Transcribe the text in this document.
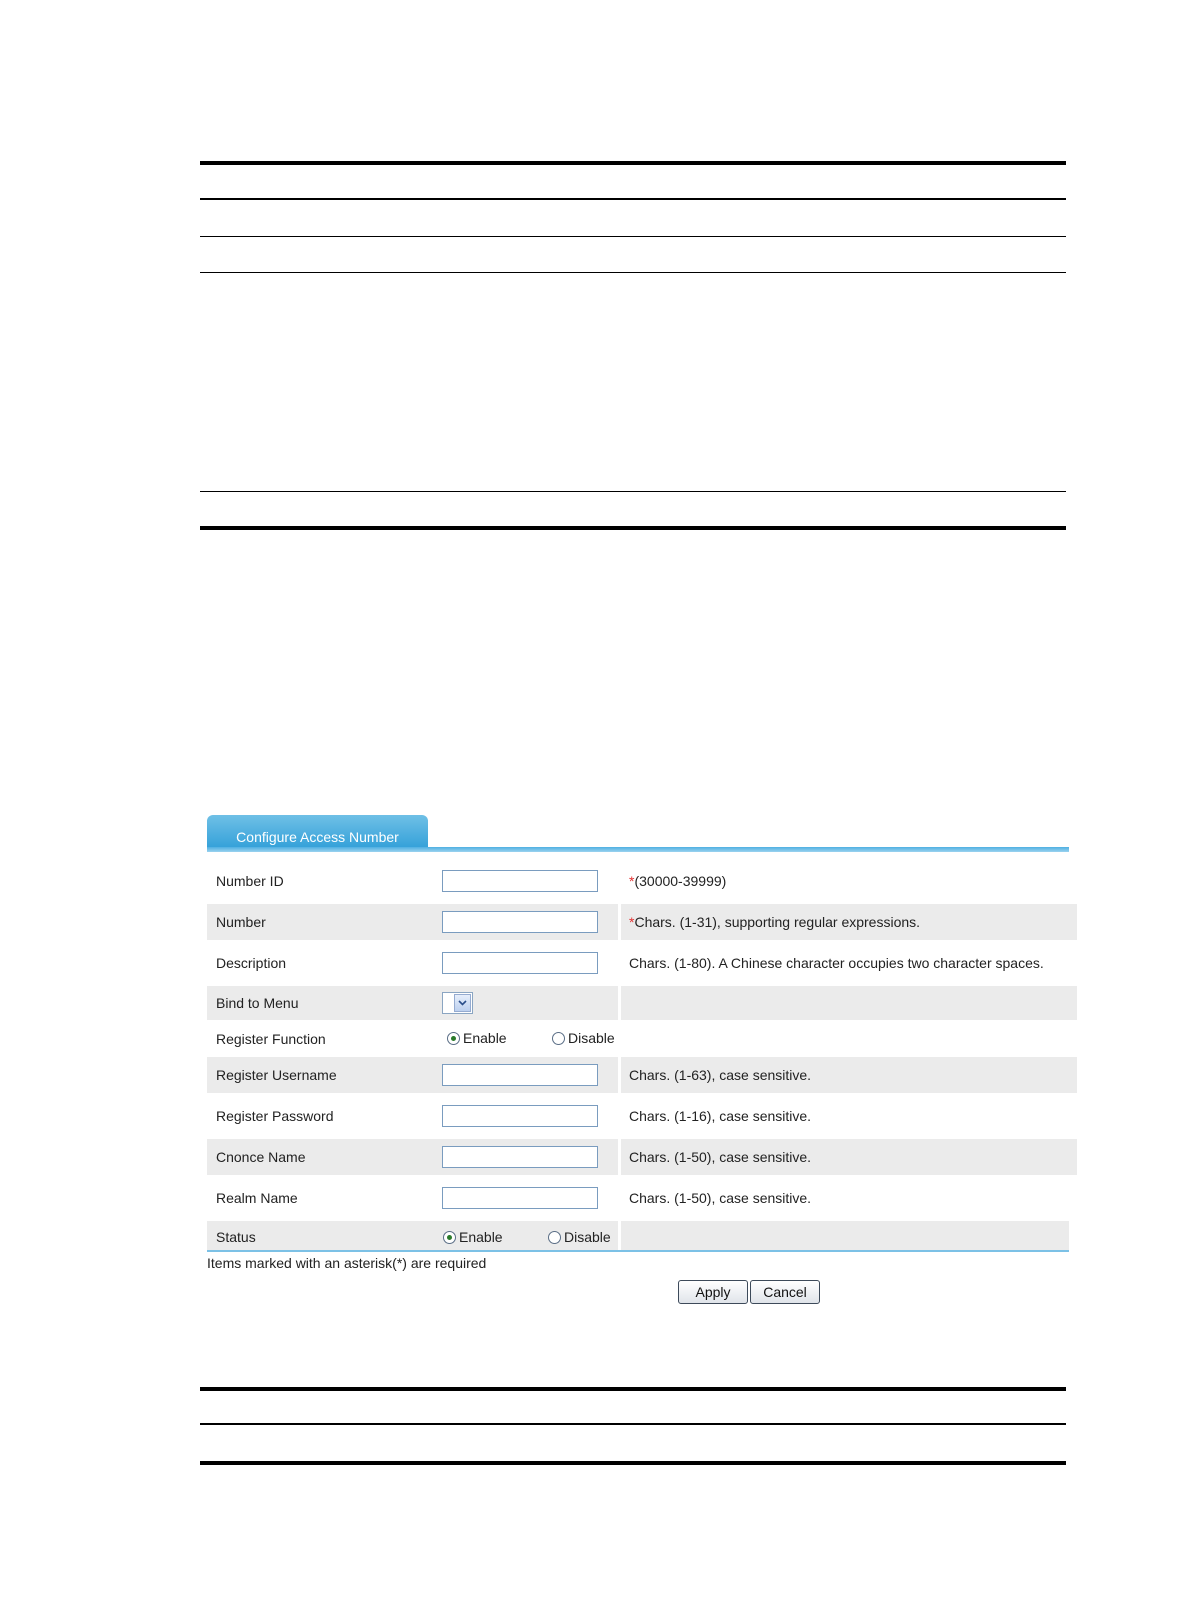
Configure Access Number
Number ID	* (30000-39999)
Number	* Chars. (1-31), supporting regular expressions.
Description	Chars. (1-80). A Chinese character occupies two character spaces.
Bind to Menu
Register Function	Enable	Disable
Register Username	Chars. (1-63), case sensitive.
Register Password	Chars. (1-16), case sensitive.
Cnonce Name	Chars. (1-50), case sensitive.
Realm Name	Chars. (1-50), case sensitive.
Status	Enable	Disable
Items marked with an asterisk(*) are required
Apply	Cancel
